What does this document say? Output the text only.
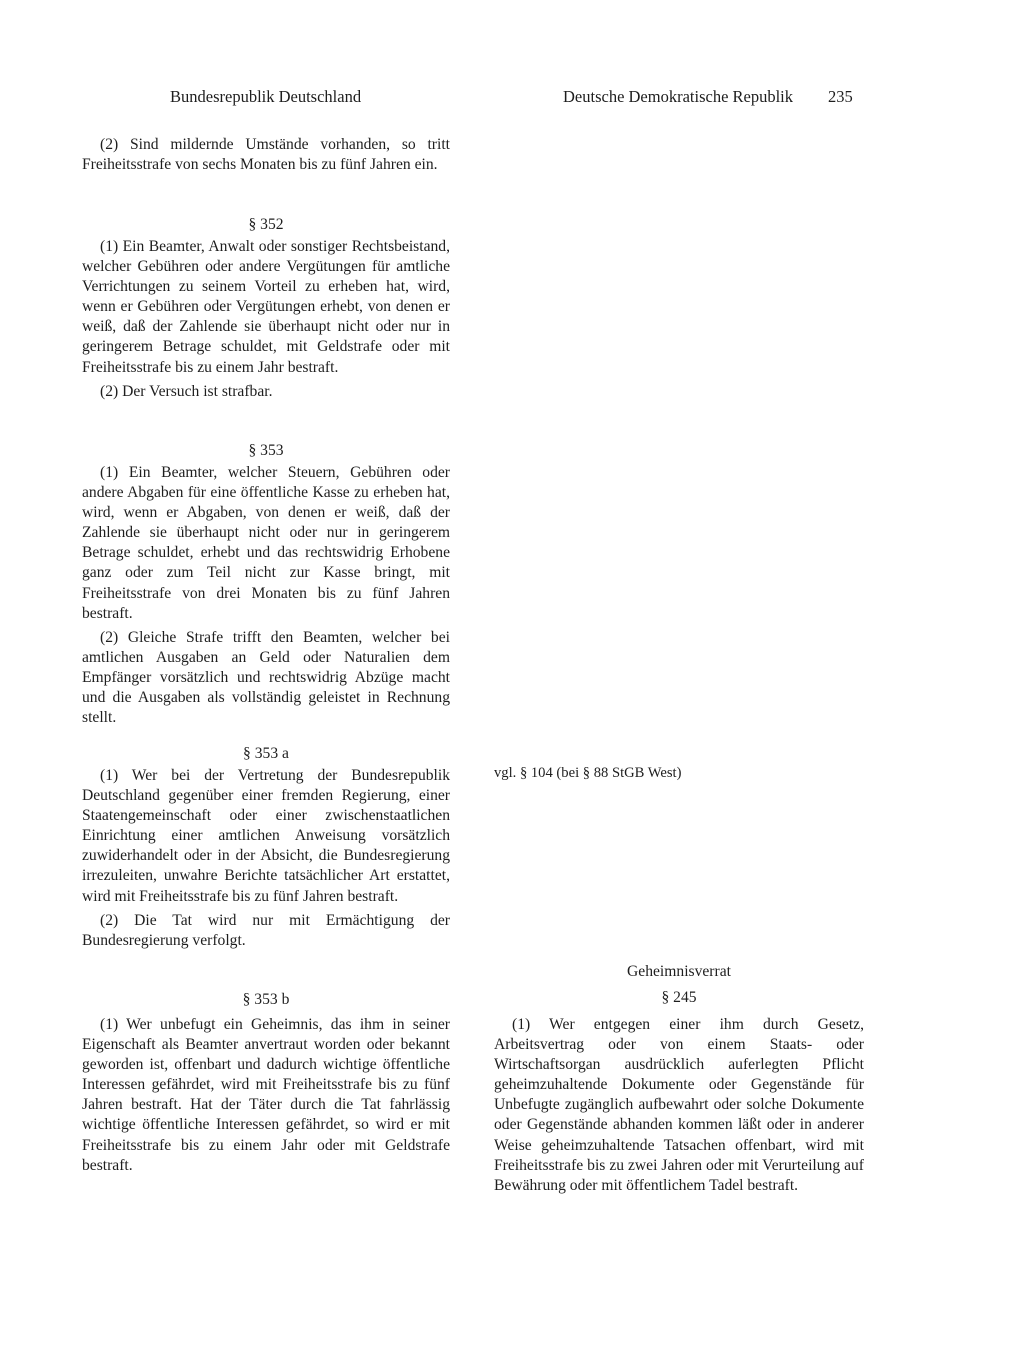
Bundesrepublik Deutschland	Deutsche Demokratische Republik 235

(2) Sind mildernde Umstände vorhanden, so tritt Freiheitsstrafe von sechs Monaten bis zu fünf Jahren ein.

§ 352

(1) Ein Beamter, Anwalt oder sonstiger Rechtsbeistand, welcher Gebühren oder andere Vergütungen für amtliche Verrichtungen zu seinem Vorteil zu erheben hat, wird, wenn er Gebühren oder Vergütungen erhebt, von denen er weiß, daß der Zahlende sie überhaupt nicht oder nur in geringerem Betrage schuldet, mit Geldstrafe oder mit Freiheitsstrafe bis zu einem Jahr bestraft.

(2) Der Versuch ist strafbar.

§ 353

(1) Ein Beamter, welcher Steuern, Gebühren oder andere Abgaben für eine öffentliche Kasse zu erheben hat, wird, wenn er Abgaben, von denen er weiß, daß der Zahlende sie überhaupt nicht oder nur in geringerem Betrage schuldet, erhebt und das rechtswidrig Erhobene ganz oder zum Teil nicht zur Kasse bringt, mit Freiheitsstrafe von drei Monaten bis zu fünf Jahren bestraft.

(2) Gleiche Strafe trifft den Beamten, welcher bei amtlichen Ausgaben an Geld oder Naturalien dem Empfänger vorsätzlich und rechtswidrig Abzüge macht und die Ausgaben als vollständig geleistet in Rechnung stellt.

§ 353 a

(1) Wer bei der Vertretung der Bundesrepublik Deutschland gegenüber einer fremden Regierung, einer Staatengemeinschaft oder einer zwischenstaatlichen Einrichtung einer amtlichen Anweisung vorsätzlich zuwiderhandelt oder in der Absicht, die Bundesregierung irrezuleiten, unwahre Berichte tatsächlicher Art erstattet, wird mit Freiheitsstrafe bis zu fünf Jahren bestraft.

(2) Die Tat wird nur mit Ermächtigung der Bundesregierung verfolgt.

§ 353 b

(1) Wer unbefugt ein Geheimnis, das ihm in seiner Eigenschaft als Beamter anvertraut worden oder bekannt geworden ist, offenbart und dadurch wichtige öffentliche Interessen gefährdet, wird mit Freiheitsstrafe bis zu fünf Jahren bestraft. Hat der Täter durch die Tat fahrlässig wichtige öffentliche Interessen gefährdet, so wird er mit Freiheitsstrafe bis zu einem Jahr oder mit Geldstrafe bestraft.

vgl. § 104 (bei § 88 StGB West)

Geheimnisverrat
§ 245

(1) Wer entgegen einer ihm durch Gesetz, Arbeitsvertrag oder von einem Staats- oder Wirtschaftsorgan ausdrücklich auferlegten Pflicht geheimzuhaltende Dokumente oder Gegenstände für Unbefugte zugänglich aufbewahrt oder solche Dokumente oder Gegenstände abhanden kommen läßt oder in anderer Weise geheimzuhaltende Tatsachen offenbart, wird mit Freiheitsstrafe bis zu zwei Jahren oder mit Verurteilung auf Bewährung oder mit öffentlichem Tadel bestraft.
